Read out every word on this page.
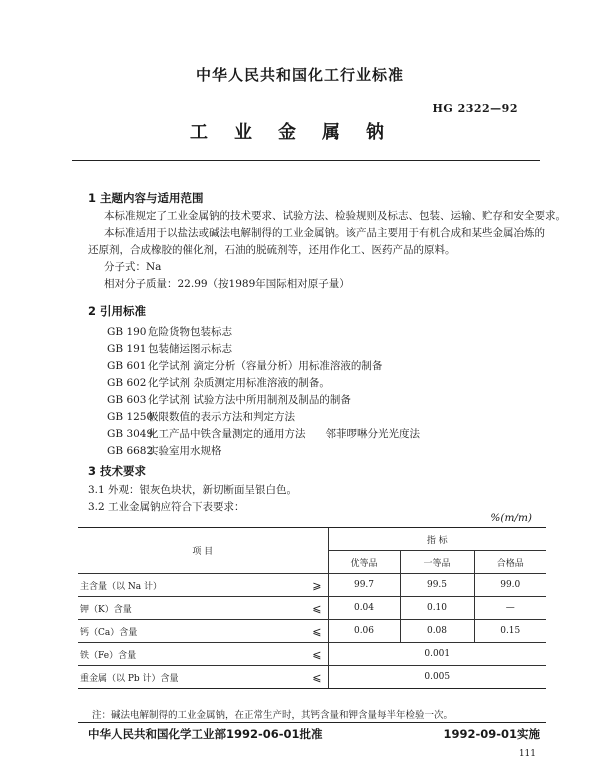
中华人民共和国化工行业标准
HG 2322—92
工业金属钠
1 主题内容与适用范围
本标准规定了工业金属钠的技术要求、试验方法、检验规则及标志、包装、运输、贮存和安全要求。
本标准适用于以盐法或碱法电解制得的工业金属钠。该产品主要用于有机合成和某些金属冶炼的
还原剂，合成橡胶的催化剂，石油的脱硫剂等，还用作化工、医药产品的原料。
分子式：Na
相对分子质量：22.99（按1989年国际相对原子量）
2 引用标准
GB 190 危险货物包装标志
GB 191 包装储运图示标志
GB 601 化学试剂 滴定分析（容量分析）用标准溶液的制备
GB 602 化学试剂 杂质测定用标准溶液的制备。
GB 603 化学试剂 试验方法中所用制剂及制品的制备
GB 1250极限数值的表示方法和判定方法
GB 3049化工产品中铁含量测定的通用方法 邻菲啰啉分光光度法
GB 6682实验室用水规格
3 技术要求
3.1 外观：银灰色块状，新切断面呈银白色。
3.2 工业金属钠应符合下表要求：
%(m/m)
项 目		指 标		
		优等品	一等品	合格品
主含量（以 Na 计）	⩾	99.7	99.5	99.0
钾（K）含量	⩽	0.04	0.10	—
钙（Ca）含量	⩽	0.06	0.08	0.15
铁（Fe）含量	⩽	0.001		
重金属（以 Pb 计）含量	⩽	0.005		
注：碱法电解制得的工业金属钠，在正常生产时，其钙含量和钾含量每半年检验一次。
中华人民共和国化学工业部1992-06-01批准	1992-09-01实施
111
